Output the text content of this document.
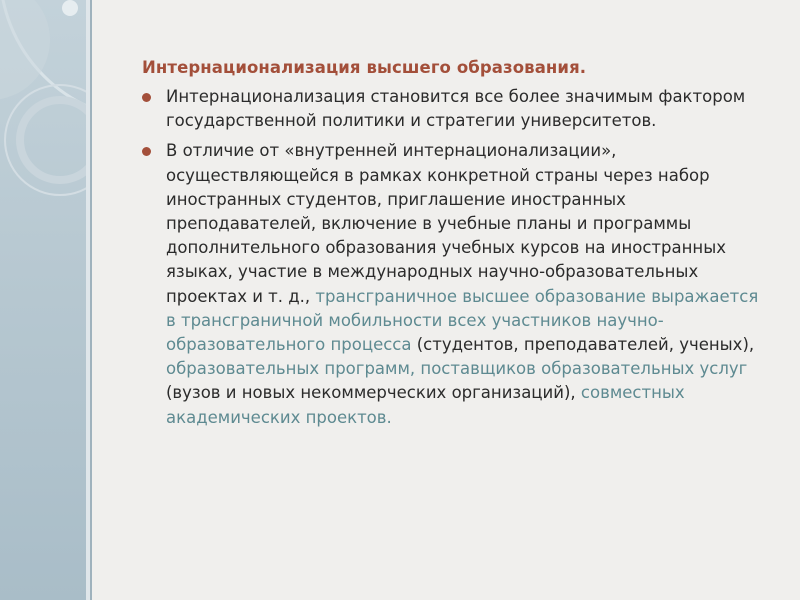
Интернационализация высшего образования.
Интернационализация становится все более значимым фактором государственной политики и стратегии университетов.
В отличие от «внутренней интернационализации», осуществляющейся в рамках конкретной страны через набор иностранных студентов, приглашение иностранных преподавателей, включение в учебные планы и программы дополнительного образования учебных курсов на иностранных языках, участие в международных научно-образовательных проектах и т. д., трансграничное высшее образование выражается в трансграничной мобильности всех участников научно-образовательного процесса (студентов, преподавателей, ученых), образовательных программ, поставщиков образовательных услуг (вузов и новых некоммерческих организаций), совместных академических проектов.
